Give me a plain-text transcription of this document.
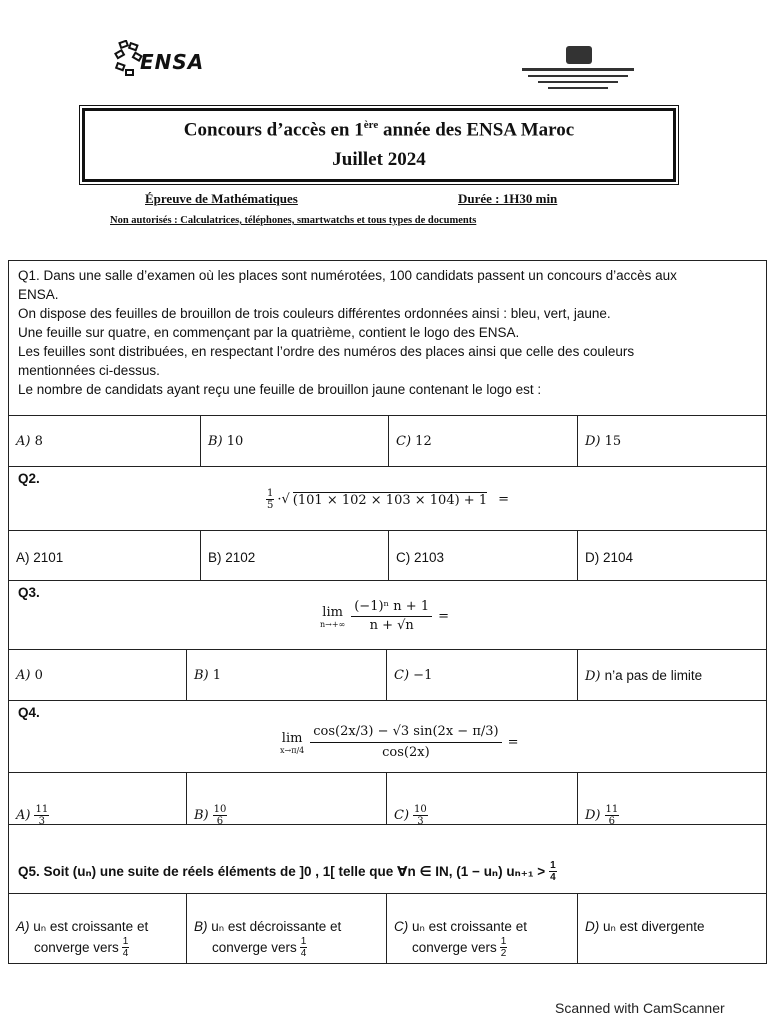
ENSA
Concours d’accès en 1ère année des ENSA Maroc
Juillet 2024
Épreuve de Mathématiques	Durée : 1H30 min
Non autorisés : Calculatrices, téléphones, smartwatchs et tous types de documents
Q1. Dans une salle d’examen où les places sont numérotées, 100 candidats passent un concours d’accès aux
ENSA.
On dispose des feuilles de brouillon de trois couleurs différentes ordonnées ainsi : bleu, vert, jaune.
Une feuille sur quatre, en commençant par la quatrième, contient le logo des ENSA.
Les feuilles sont distribuées, en respectant l’ordre des numéros des places ainsi que celle des couleurs
mentionnées ci-dessus.
Le nombre de candidats ayant reçu une feuille de brouillon jaune contenant le logo est :
A) 8	B) 10	C) 12	D) 15
Q2.
$\frac{1}{5}$ ·√ (101 × 102 × 103 × 104) + 1 =
A) 2101	B) 2102	C) 2103	D) 2104
Q3.
lim
$n\to+\infty \frac{\text{(−1)ⁿ n + 1}}{n + √n}$ =
A) 0	B) 1	C) −1	D) n’a pas de limite
Q4.
lim
$x\to\pi/4 \frac{\cos(2x/3) - √3 \sin(2x - \pi/3)}{\cos(2x)}$ =
$A) \frac{11}{3}$	$B) \frac{10}{6}$	$C) \frac{10}{3}$	$D) \frac{11}{6}$
Q5. Soit (uₙ) une suite de réels éléments de ]0 , 1[ telle que ∀n ∈ IN, (1 − uₙ) $u_{n+1} > \frac{1}{4}$
A) uₙ est croissante et
converge vers $\frac{1}{4}$
B) uₙ est décroissante et
converge vers $\frac{1}{4}$
C) uₙ est croissante et
converge vers $\frac{1}{2}$
D) uₙ est divergente
Scanned with CamScanner
